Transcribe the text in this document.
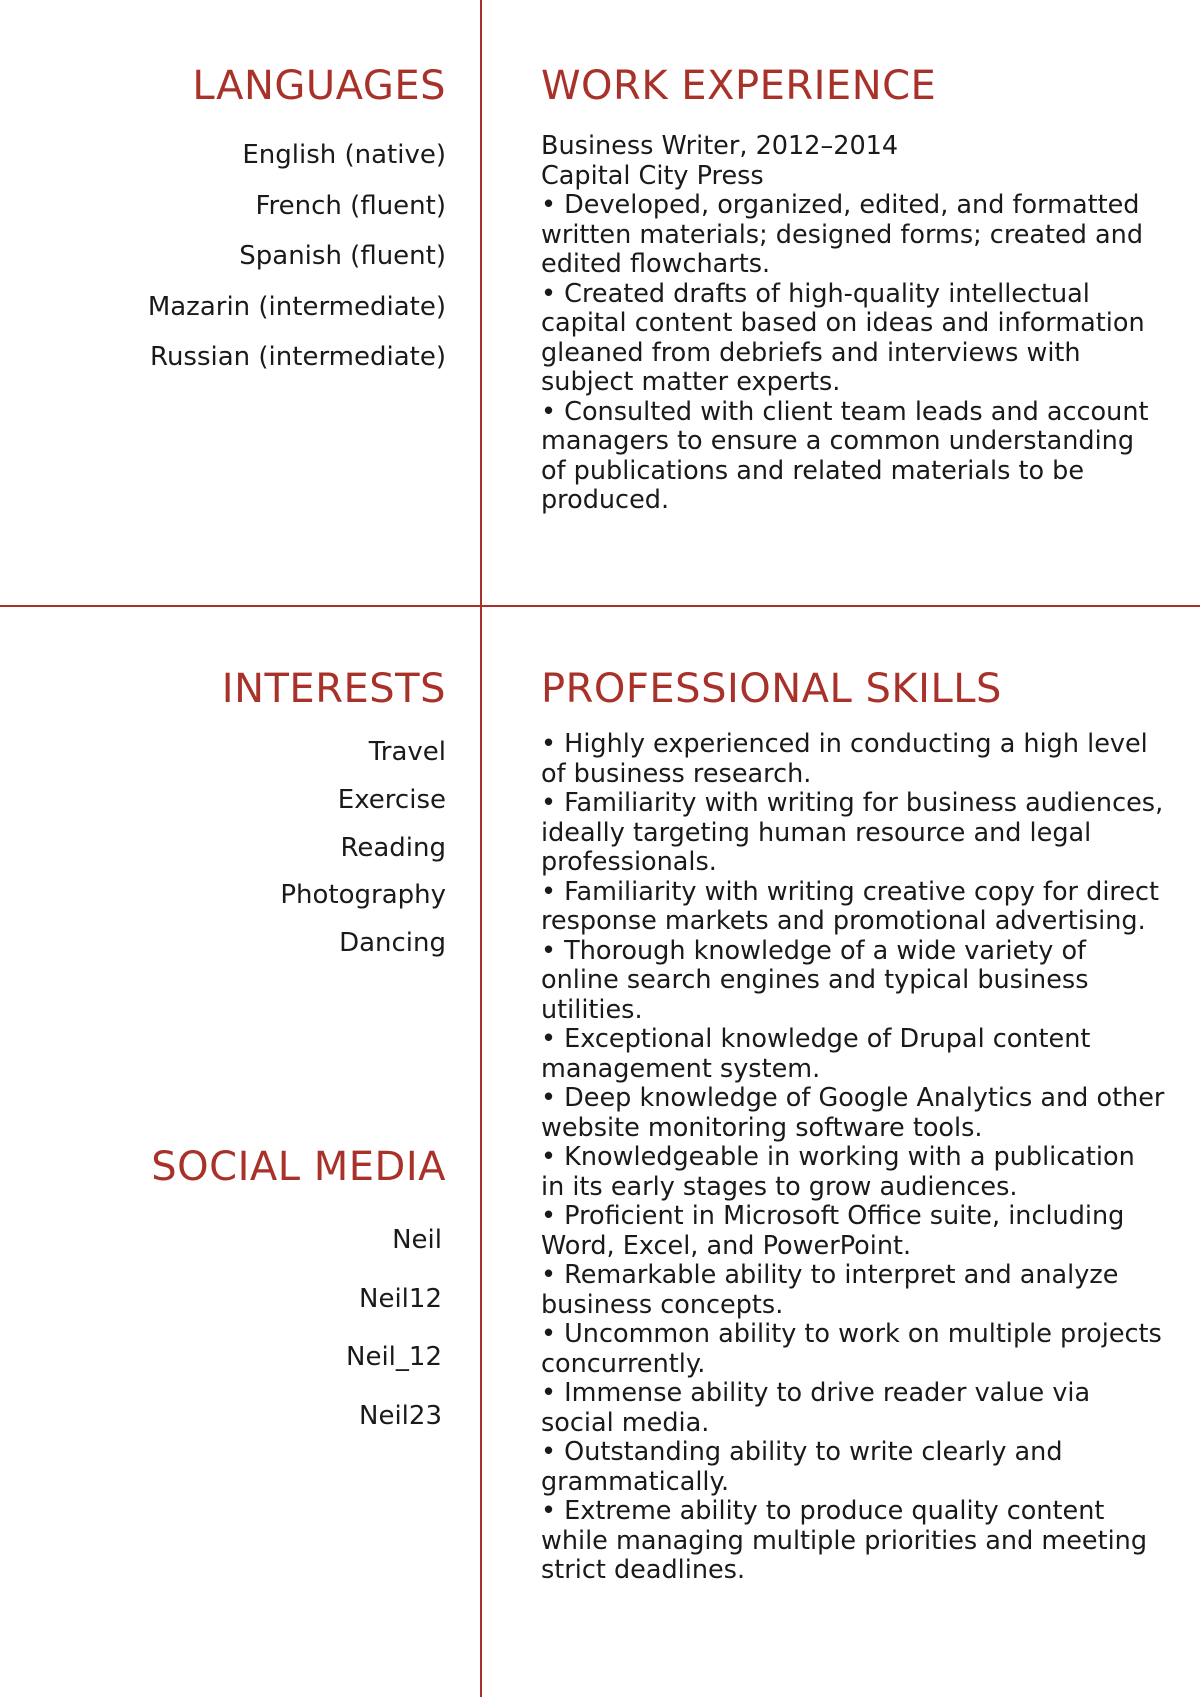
LANGUAGES
English (native)
French (fluent)
Spanish (fluent)
Mazarin (intermediate)
Russian (intermediate)
WORK EXPERIENCE

Business Writer, 2012–2014

Capital City Press

• Developed, organized, edited, and formatted written materials; designed forms; created and edited flowcharts.

• Created drafts of high-quality intellectual capital content based on ideas and information gleaned from debriefs and interviews with subject matter experts.

• Consulted with client team leads and account managers to ensure a common understanding of publications and related materials to be produced.

INTERESTS
Travel
Exercise
Reading
Photography
Dancing
SOCIAL MEDIA
Neil
Neil12
Neil_12
Neil23
PROFESSIONAL SKILLS

• Highly experienced in conducting a high level of business research.

• Familiarity with writing for business audiences, ideally targeting human resource and legal professionals.

• Familiarity with writing creative copy for direct response markets and promotional advertising.

• Thorough knowledge of a wide variety of online search engines and typical business utilities.

• Exceptional knowledge of Drupal content management system.

• Deep knowledge of Google Analytics and other website monitoring software tools.

• Knowledgeable in working with a publication in its early stages to grow audiences.

• Proficient in Microsoft Office suite, including Word, Excel, and PowerPoint.

• Remarkable ability to interpret and analyze business concepts.

• Uncommon ability to work on multiple projects concurrently.

• Immense ability to drive reader value via social media.

• Outstanding ability to write clearly and grammatically.

• Extreme ability to produce quality content while managing multiple priorities and meeting strict deadlines.
